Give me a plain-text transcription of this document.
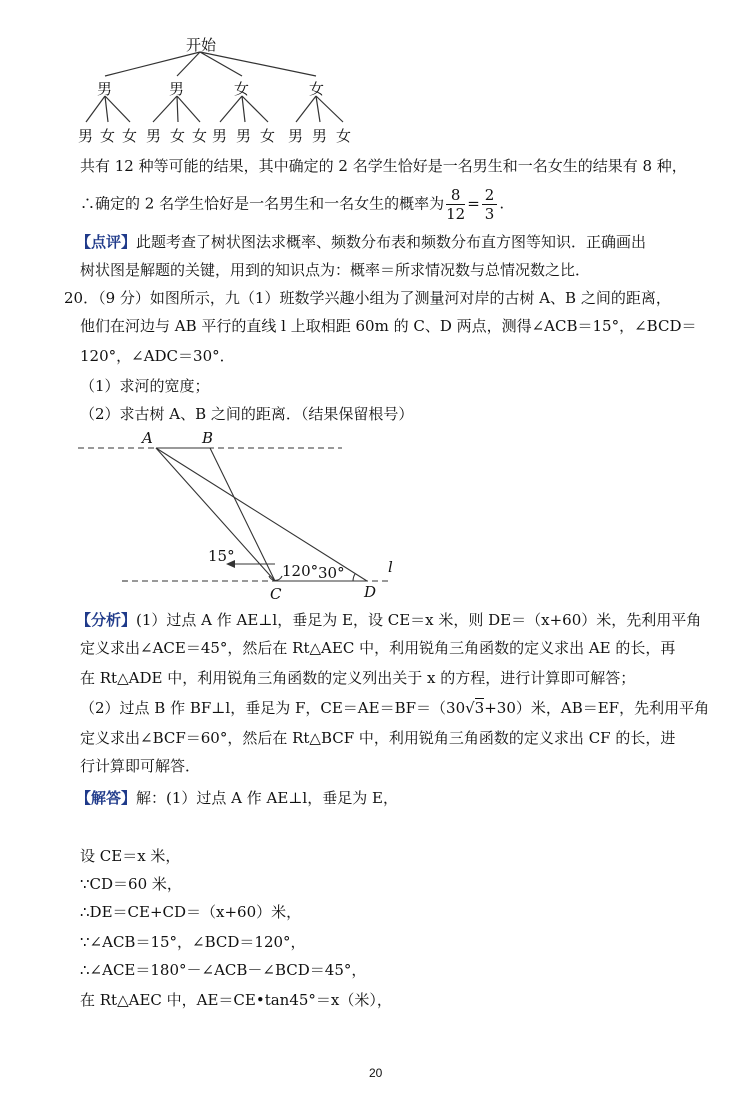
开始
男	男	女	女
男 女 女 男 女 女 男 男 女 男 男 女
共有 12 种等可能的结果，其中确定的 2 名学生恰好是一名男生和一名女生的结果有 8 种，
∴确定的 2 名学生恰好是一名男生和一名女生的概率为 $\frac{8}{12} = \frac{2}{3}$ .
【点评】此题考查了树状图法求概率、频数分布表和频数分布直方图等知识．正确画出
树状图是解题的关键，用到的知识点为：概率＝所求情况数与总情况数之比．
20．（9 分）如图所示，九（1）班数学兴趣小组为了测量河对岸的古树 A、B 之间的距离，
他们在河边与 AB 平行的直线 l 上取相距 60m 的 C、D 两点，测得∠ACB＝15°，∠BCD＝
120°，∠ADC＝30°．
（1）求河的宽度；
（2）求古树 A、B 之间的距离．（结果保留根号）
A	B
15°
120° 30°	l
C	D
【分析】(1）过点 A 作 AE⊥l，垂足为 E，设 CE＝x 米，则 DE＝（x+60）米，先利用平角
定义求出∠ACE＝45°，然后在 Rt△AEC 中，利用锐角三角函数的定义求出 AE 的长，再
在 Rt△ADE 中，利用锐角三角函数的定义列出关于 x 的方程，进行计算即可解答；
（2）过点 B 作 BF⊥l，垂足为 F，CE＝AE＝BF＝（30√3+30）米，AB＝EF，先利用平角
定义求出∠BCF＝60°，然后在 Rt△BCF 中，利用锐角三角函数的定义求出 CF 的长，进
行计算即可解答．
【解答】解：(1）过点 A 作 AE⊥l，垂足为 E，
设 CE＝x 米，
∵CD＝60 米，
∴DE＝CE+CD＝（x+60）米，
∵∠ACB＝15°，∠BCD＝120°，
∴∠ACE＝180°－∠ACB－∠BCD＝45°，
在 Rt△AEC 中，AE＝CE•tan45°＝x（米），
20
